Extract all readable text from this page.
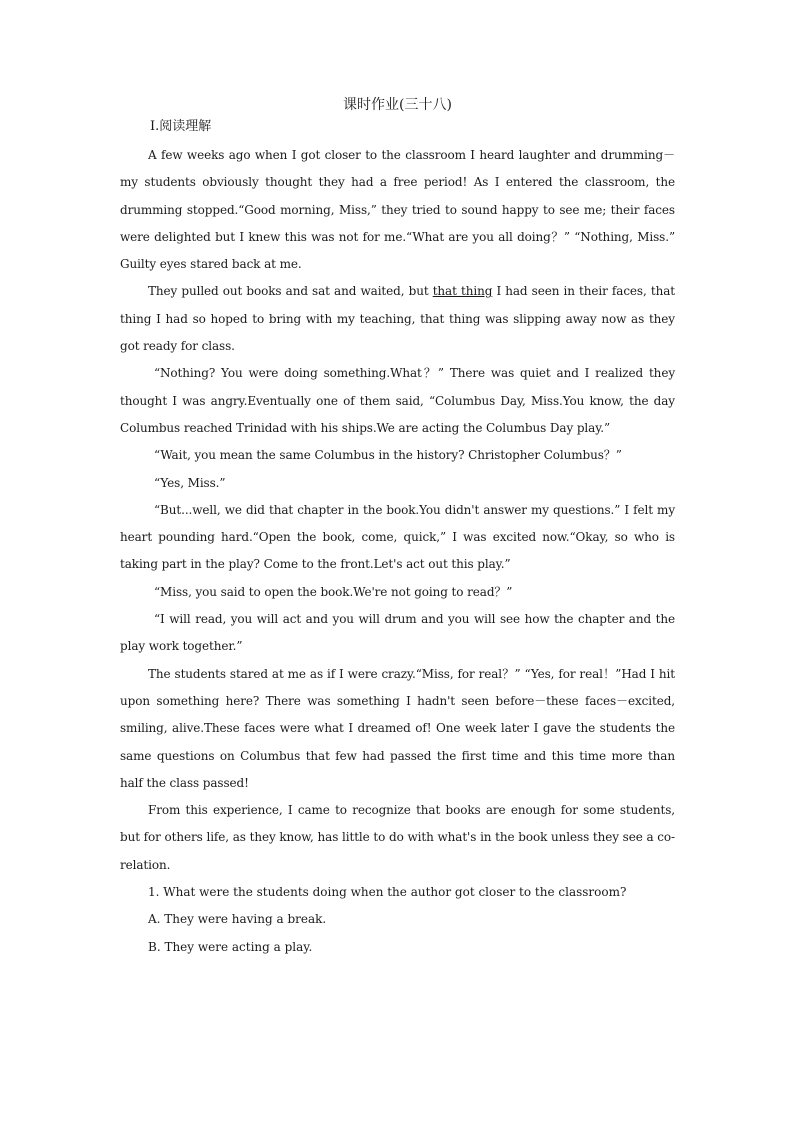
课时作业(三十八)

Ⅰ.阅读理解

A few weeks ago when I got closer to the classroom I heard laughter and drumming－my students obviously thought they had a free period! As I entered the classroom, the drumming stopped.“Good morning, Miss,” they tried to sound happy to see me; their faces were delighted but I knew this was not for me.“What are you all doing？” “Nothing, Miss.” Guilty eyes stared back at me.

They pulled out books and sat and waited, but that thing I had seen in their faces, that thing I had so hoped to bring with my teaching, that thing was slipping away now as they got ready for class.

“Nothing? You were doing something.What？” There was quiet and I realized they thought I was angry.Eventually one of them said, “Columbus Day, Miss.You know, the day Columbus reached Trinidad with his ships.We are acting the Columbus Day play.”

“Wait, you mean the same Columbus in the history? Christopher Columbus？”

“Yes, Miss.”

“But...well, we did that chapter in the book.You didn't answer my questions.” I felt my heart pounding hard.“Open the book, come, quick,” I was excited now.“Okay, so who is taking part in the play? Come to the front.Let's act out this play.”

“Miss, you said to open the book.We're not going to read？”

“I will read, you will act and you will drum and you will see how the chapter and the play work together.”

The students stared at me as if I were crazy.“Miss, for real？” “Yes, for real！”Had I hit upon something here? There was something I hadn't seen before－these faces－excited, smiling, alive.These faces were what I dreamed of! One week later I gave the students the same questions on Columbus that few had passed the first time and this time more than half the class passed!

From this experience, I came to recognize that books are enough for some students, but for others life, as they know, has little to do with what's in the book unless they see a co-relation.

1. What were the students doing when the author got closer to the classroom?

A. They were having a break.

B. They were acting a play.
